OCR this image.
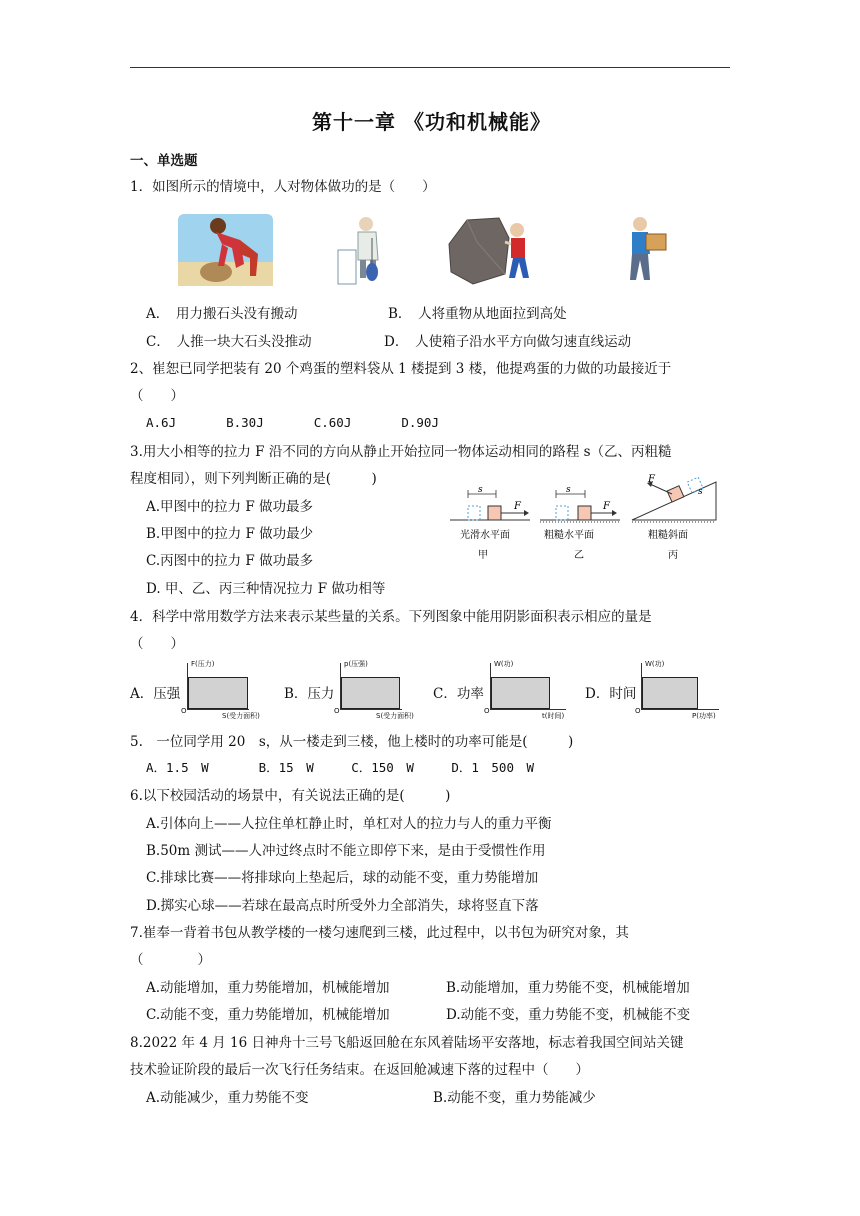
第十一章 《功和机械能》
一、单选题
1．如图所示的情境中，人对物体做功的是（　　）
A．　用力搬石头没有搬动	B．　人将重物从地面拉到高处
C．　人推一块大石头没推动	D．　人使箱子沿水平方向做匀速直线运动
2、崔恕已同学把装有 20 个鸡蛋的塑料袋从 1 楼提到 3 楼，他提鸡蛋的力做的功最接近于
（　　）
A.6J　　　　B.30J　　　　C.60J　　　　D.90J
3.用大小相等的拉力 F 沿不同的方向从静止开始拉同一物体运动相同的路程 s（乙、丙粗糙
程度相同），则下列判断正确的是(　　　)
A.甲图中的拉力 F 做功最多
B.甲图中的拉力 F 做功最少
C.丙图中的拉力 F 做功最多
D. 甲、乙、丙三种情况拉力 F 做功相等
s
F
光滑水平面
甲
s
F
粗糙水平面
乙
F
s
粗糙斜面
丙
4．科学中常用数学方法来表示某些量的关系。下列图象中能用阴影面积表示相应的量是
（　　）
A．压强
F(压力)
S(受力面积)
O
B．压力
p(压强)
S(受力面积)
O
C．功率
W(功)
t(时间)
O
D．时间
W(功)
P(功率)
O
5.　一位同学用 20　s，从一楼走到三楼，他上楼时的功率可能是(　　　)
A．1.5　W　　　　B．15　W　　　C．150　W　　　D．1　500　W
6.以下校园活动的场景中，有关说法正确的是(　　　)
A.引体向上——人拉住单杠静止时，单杠对人的拉力与人的重力平衡
B.50m 测试——人冲过终点时不能立即停下来，是由于受惯性作用
C.排球比赛——将排球向上垫起后，球的动能不变，重力势能增加
D.掷实心球——若球在最高点时所受外力全部消失，球将竖直下落
7.崔奉一背着书包从教学楼的一楼匀速爬到三楼，此过程中，以书包为研究对象，其
（　　　　）
A.动能增加，重力势能增加，机械能增加	B.动能增加，重力势能不变，机械能增加
C.动能不变，重力势能增加，机械能增加	D.动能不变，重力势能不变，机械能不变
8.2022 年 4 月 16 日神舟十三号飞船返回舱在东风着陆场平安落地，标志着我国空间站关键
技术验证阶段的最后一次飞行任务结束。在返回舱减速下落的过程中（　　）
A.动能减少，重力势能不变	B.动能不变，重力势能减少
